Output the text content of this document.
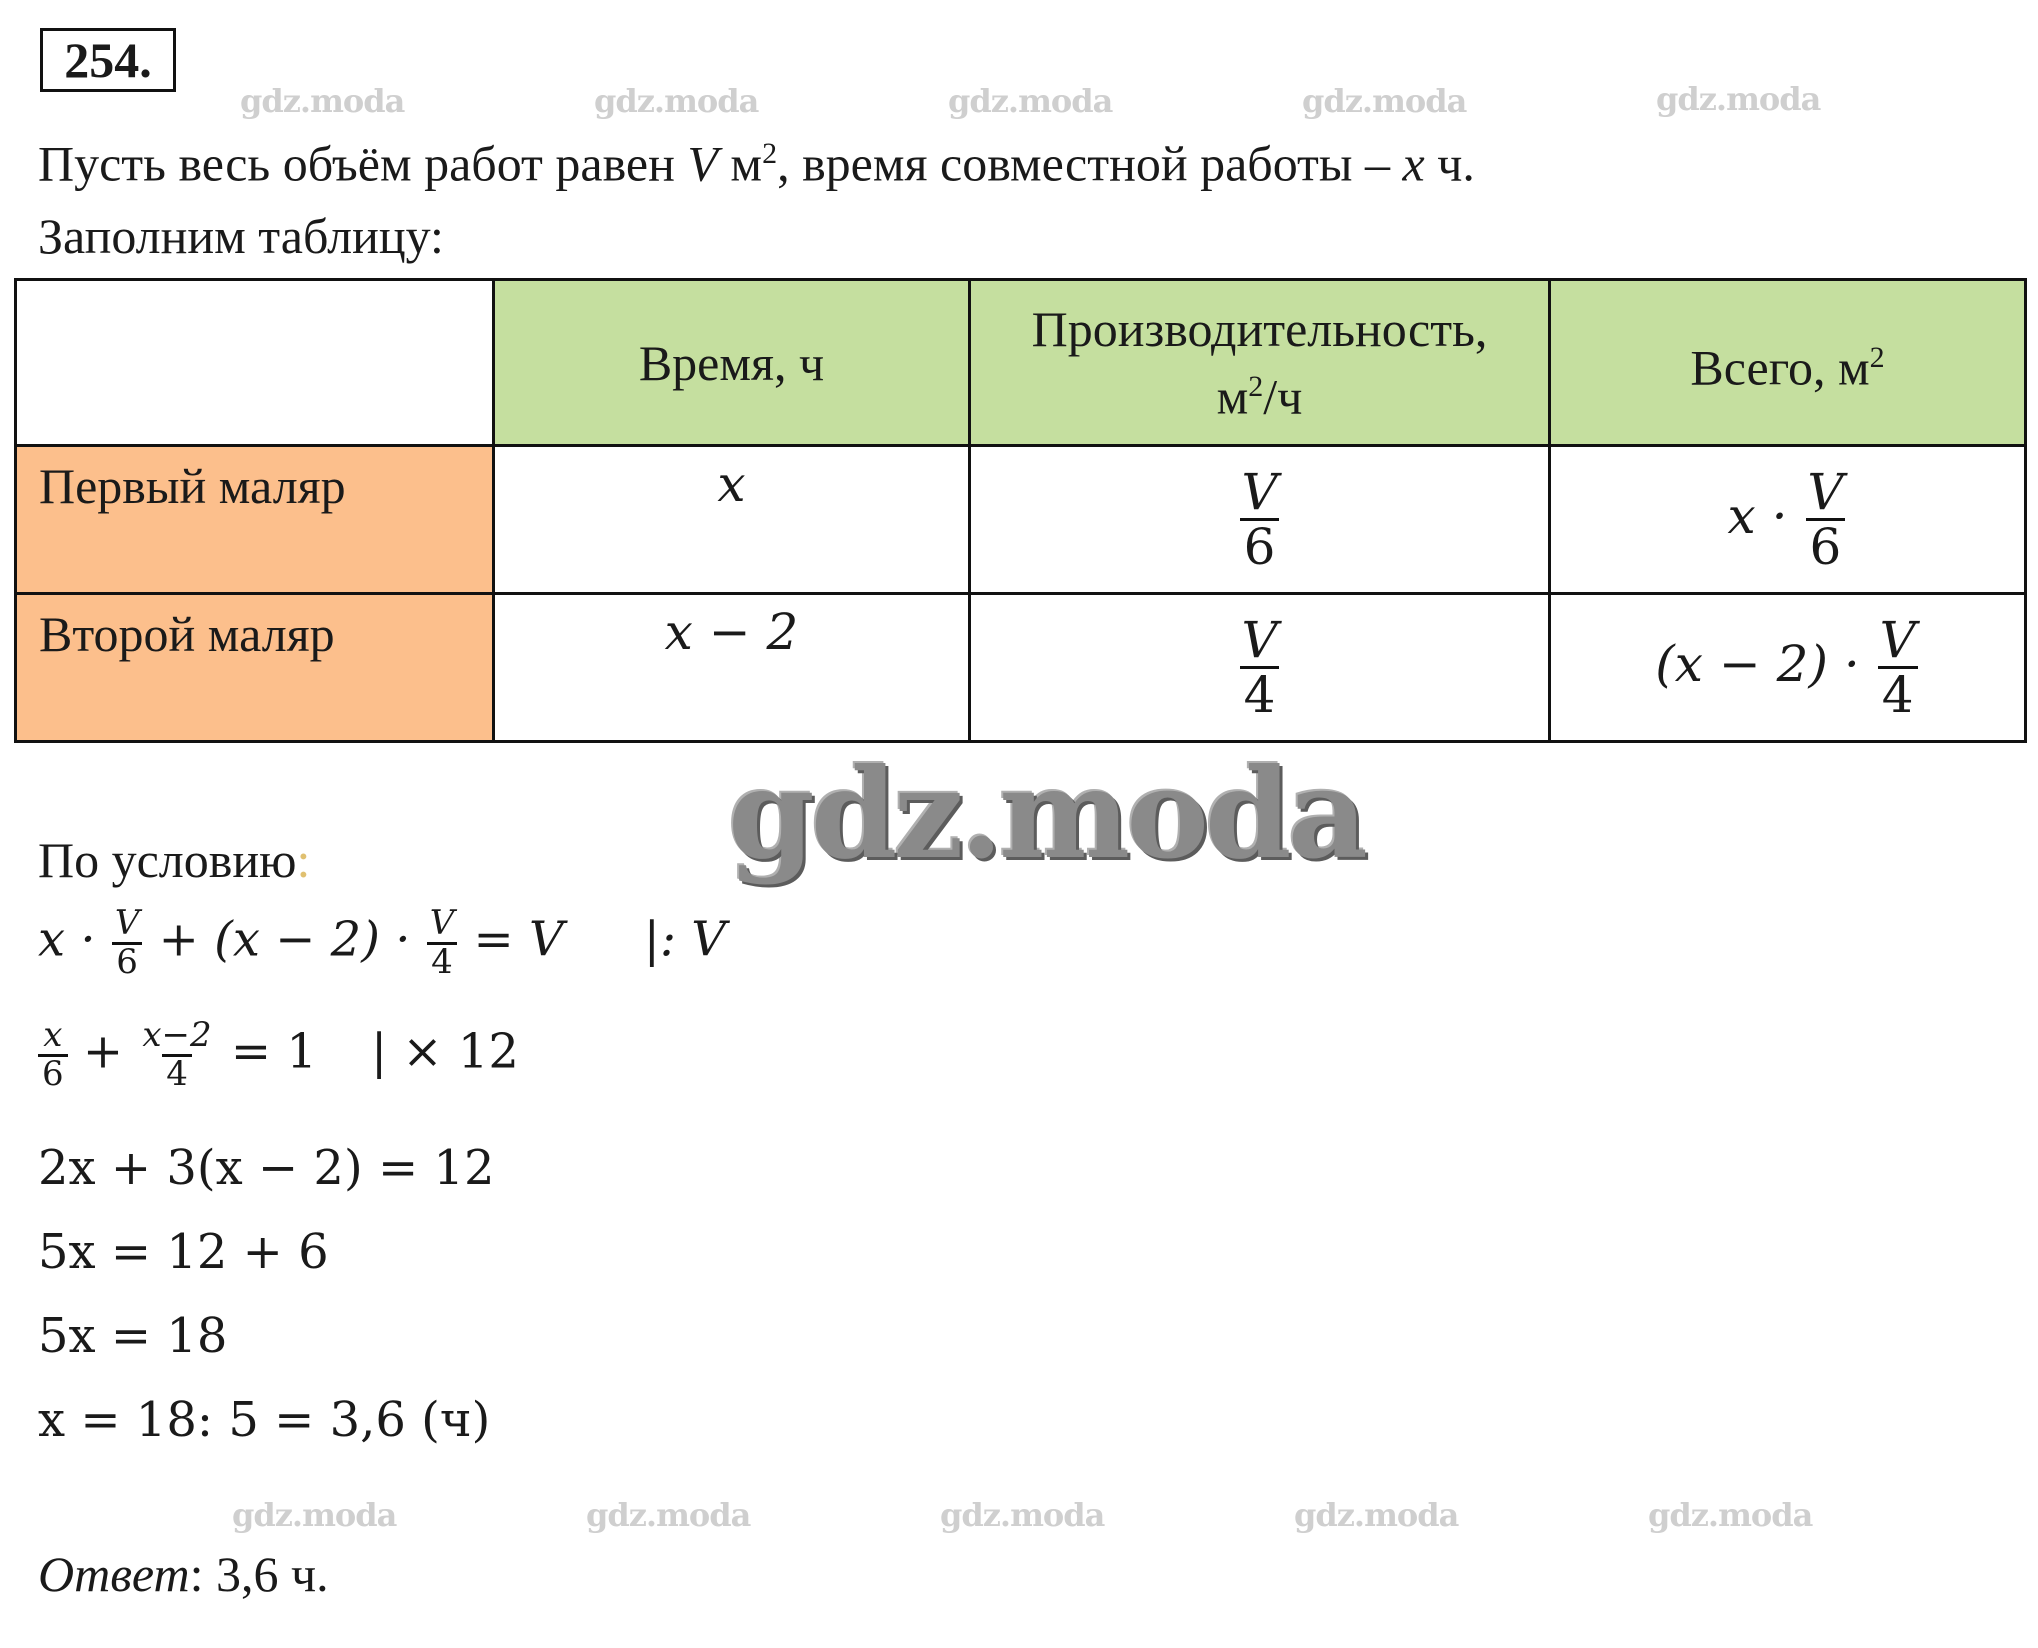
254.
gdz.moda	gdz.moda	gdz.moda	gdz.moda	gdz.moda
Пусть весь объём работ равен V $м^2$, время совместной работы – x ч.
Заполним таблицу:
	Время, ч	Производительность,
$м^2/ч$	Всего, $м^2$
Первый маляр	x	$\frac{V}{6}$	$x \cdot \frac{V}{6}$

Второй маляр	x − 2	$\frac{V}{4}$	$(x - 2) \cdot \frac{V}{4}$
gdz.moda
По условию:
$x \cdot \frac{V}{6} + (x - 2) \cdot \frac{V}{4} = V$ |: V
$\frac{x}{6} + \frac{x-2}{4} = 1$ | × 12
2x + 3(x − 2) = 12
5x = 12 + 6
5x = 18
x = 18: 5 = 3,6 (ч)
gdz.moda	gdz.moda	gdz.moda	gdz.moda	gdz.moda
Ответ: 3,6 ч.
